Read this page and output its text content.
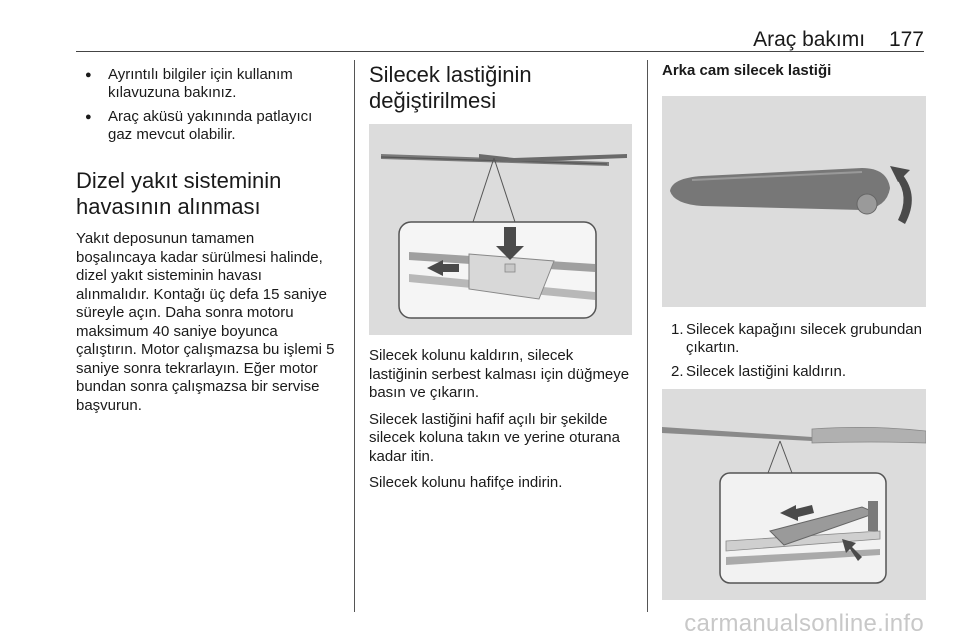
Araç bakımı 177
● Ayrıntılı bilgiler için kullanım kılavuzuna bakınız.
● Araç aküsü yakınında patlayıcı gaz mevcut olabilir.
Dizel yakıt sisteminin havasının alınması

Yakıt deposunun tamamen boşalıncaya kadar sürülmesi halinde, dizel yakıt sisteminin havası alınmalıdır. Kontağı üç defa 15 saniye süreyle açın. Daha sonra motoru maksimum 40 saniye boyunca çalıştırın. Motor çalışmazsa bu işlemi 5 saniye sonra tekrarlayın. Eğer motor bundan sonra çalışmazsa bir servise başvurun.

Silecek lastiğinin değiştirilmesi

Silecek kolunu kaldırın, silecek lastiğinin serbest kalması için düğmeye basın ve çıkarın.

Silecek lastiğini hafif açılı bir şekilde silecek koluna takın ve yerine oturana kadar itin.

Silecek kolunu hafifçe indirin.

Arka cam silecek lastiği
1. Silecek kapağını silecek grubundan çıkartın.
2. Silecek lastiğini kaldırın.
carmanualsonline.info
